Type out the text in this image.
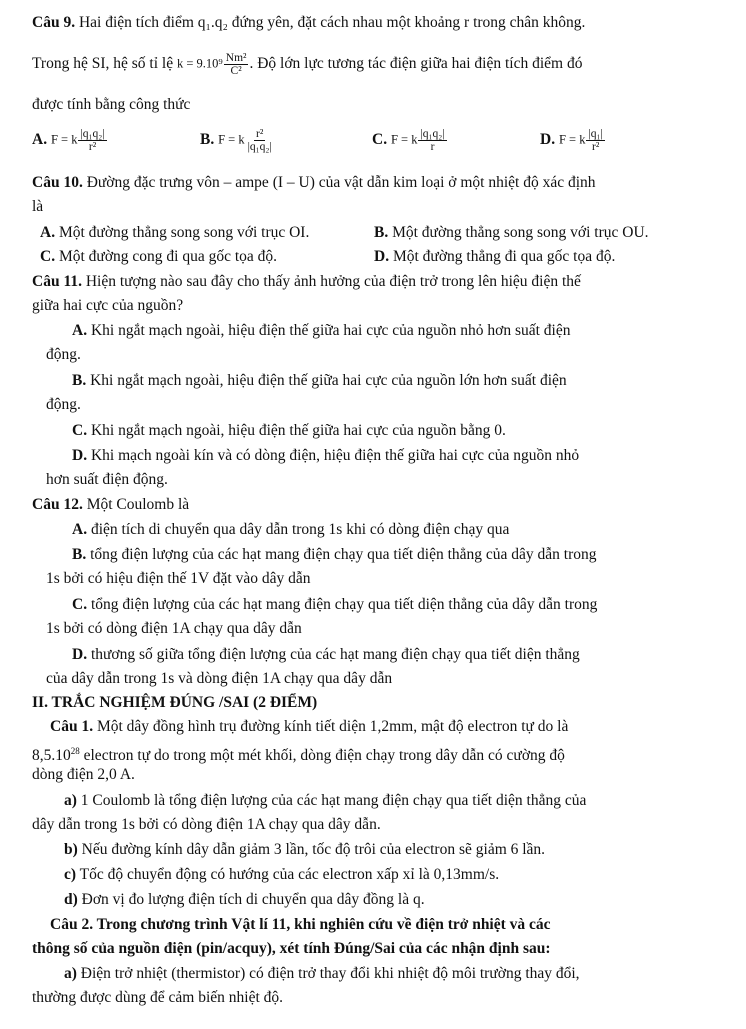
Câu 9. Hai điện tích điểm q₁.q₂ đứng yên, đặt cách nhau một khoảng r trong chân không.
Trong hệ SI, hệ số tỉ lệ $k = 9.10^9 \frac{\text{Nm²}}{\text{C²}}$ . Độ lớn lực tương tác điện giữa hai điện tích điểm đó
được tính bằng công thức
A. F = k $\frac{\text{|q₁q₂|}}{\text{r²}}$	B. F = k $\frac{\text{r²}}{\text{|q₁q₂|}}$	C. F = k $\frac{\text{|q₁q₂|}}{r}$	D. F = k $\frac{\text{|q₁|}}{\text{r²}}$
Câu 10. Đường đặc trưng vôn – ampe (I – U) của vật dẫn kim loại ở một nhiệt độ xác định
là
A. Một đường thẳng song song với trục OI.	B. Một đường thẳng song song với trục OU.
C. Một đường cong đi qua gốc tọa độ.	D. Một đường thẳng đi qua gốc tọa độ.
Câu 11. Hiện tượng nào sau đây cho thấy ảnh hưởng của điện trở trong lên hiệu điện thế
giữa hai cực của nguồn?
A. Khi ngắt mạch ngoài, hiệu điện thế giữa hai cực của nguồn nhỏ hơn suất điện
động.
B. Khi ngắt mạch ngoài, hiệu điện thế giữa hai cực của nguồn lớn hơn suất điện
động.
C. Khi ngắt mạch ngoài, hiệu điện thế giữa hai cực của nguồn bằng 0.
D. Khi mạch ngoài kín và có dòng điện, hiệu điện thế giữa hai cực của nguồn nhỏ
hơn suất điện động.
Câu 12. Một Coulomb là
A. điện tích di chuyển qua dây dẫn trong 1s khi có dòng điện chạy qua
B. tổng điện lượng của các hạt mang điện chạy qua tiết diện thẳng của dây dẫn trong
1s bởi có hiệu điện thế 1V đặt vào dây dẫn
C. tổng điện lượng của các hạt mang điện chạy qua tiết diện thẳng của dây dẫn trong
1s bởi có dòng điện 1A chạy qua dây dẫn
D. thương số giữa tổng điện lượng của các hạt mang điện chạy qua tiết diện thẳng
của dây dẫn trong 1s và dòng điện 1A chạy qua dây dẫn
II. TRẮC NGHIỆM ĐÚNG /SAI (2 ĐIỂM)
Câu 1. Một dây đồng hình trụ đường kính tiết diện 1,2mm, mật độ electron tự do là
8,5.10$^{28}$ electron tự do trong một mét khối, dòng điện chạy trong dây dẫn có cường độ
dòng điện 2,0 A.
a) 1 Coulomb là tổng điện lượng của các hạt mang điện chạy qua tiết diện thẳng của
dây dẫn trong 1s bởi có dòng điện 1A chạy qua dây dẫn.
b) Nếu đường kính dây dẫn giảm 3 lần, tốc độ trôi của electron sẽ giảm 6 lần.
c) Tốc độ chuyển động có hướng của các electron xấp xỉ là 0,13mm/s.
d) Đơn vị đo lượng điện tích di chuyển qua dây đồng là q.
Câu 2. Trong chương trình Vật lí 11, khi nghiên cứu về điện trở nhiệt và các
thông số của nguồn điện (pin/acquy), xét tính Đúng/Sai của các nhận định sau:
a) Điện trở nhiệt (thermistor) có điện trở thay đổi khi nhiệt độ môi trường thay đổi,
thường được dùng để cảm biến nhiệt độ.
